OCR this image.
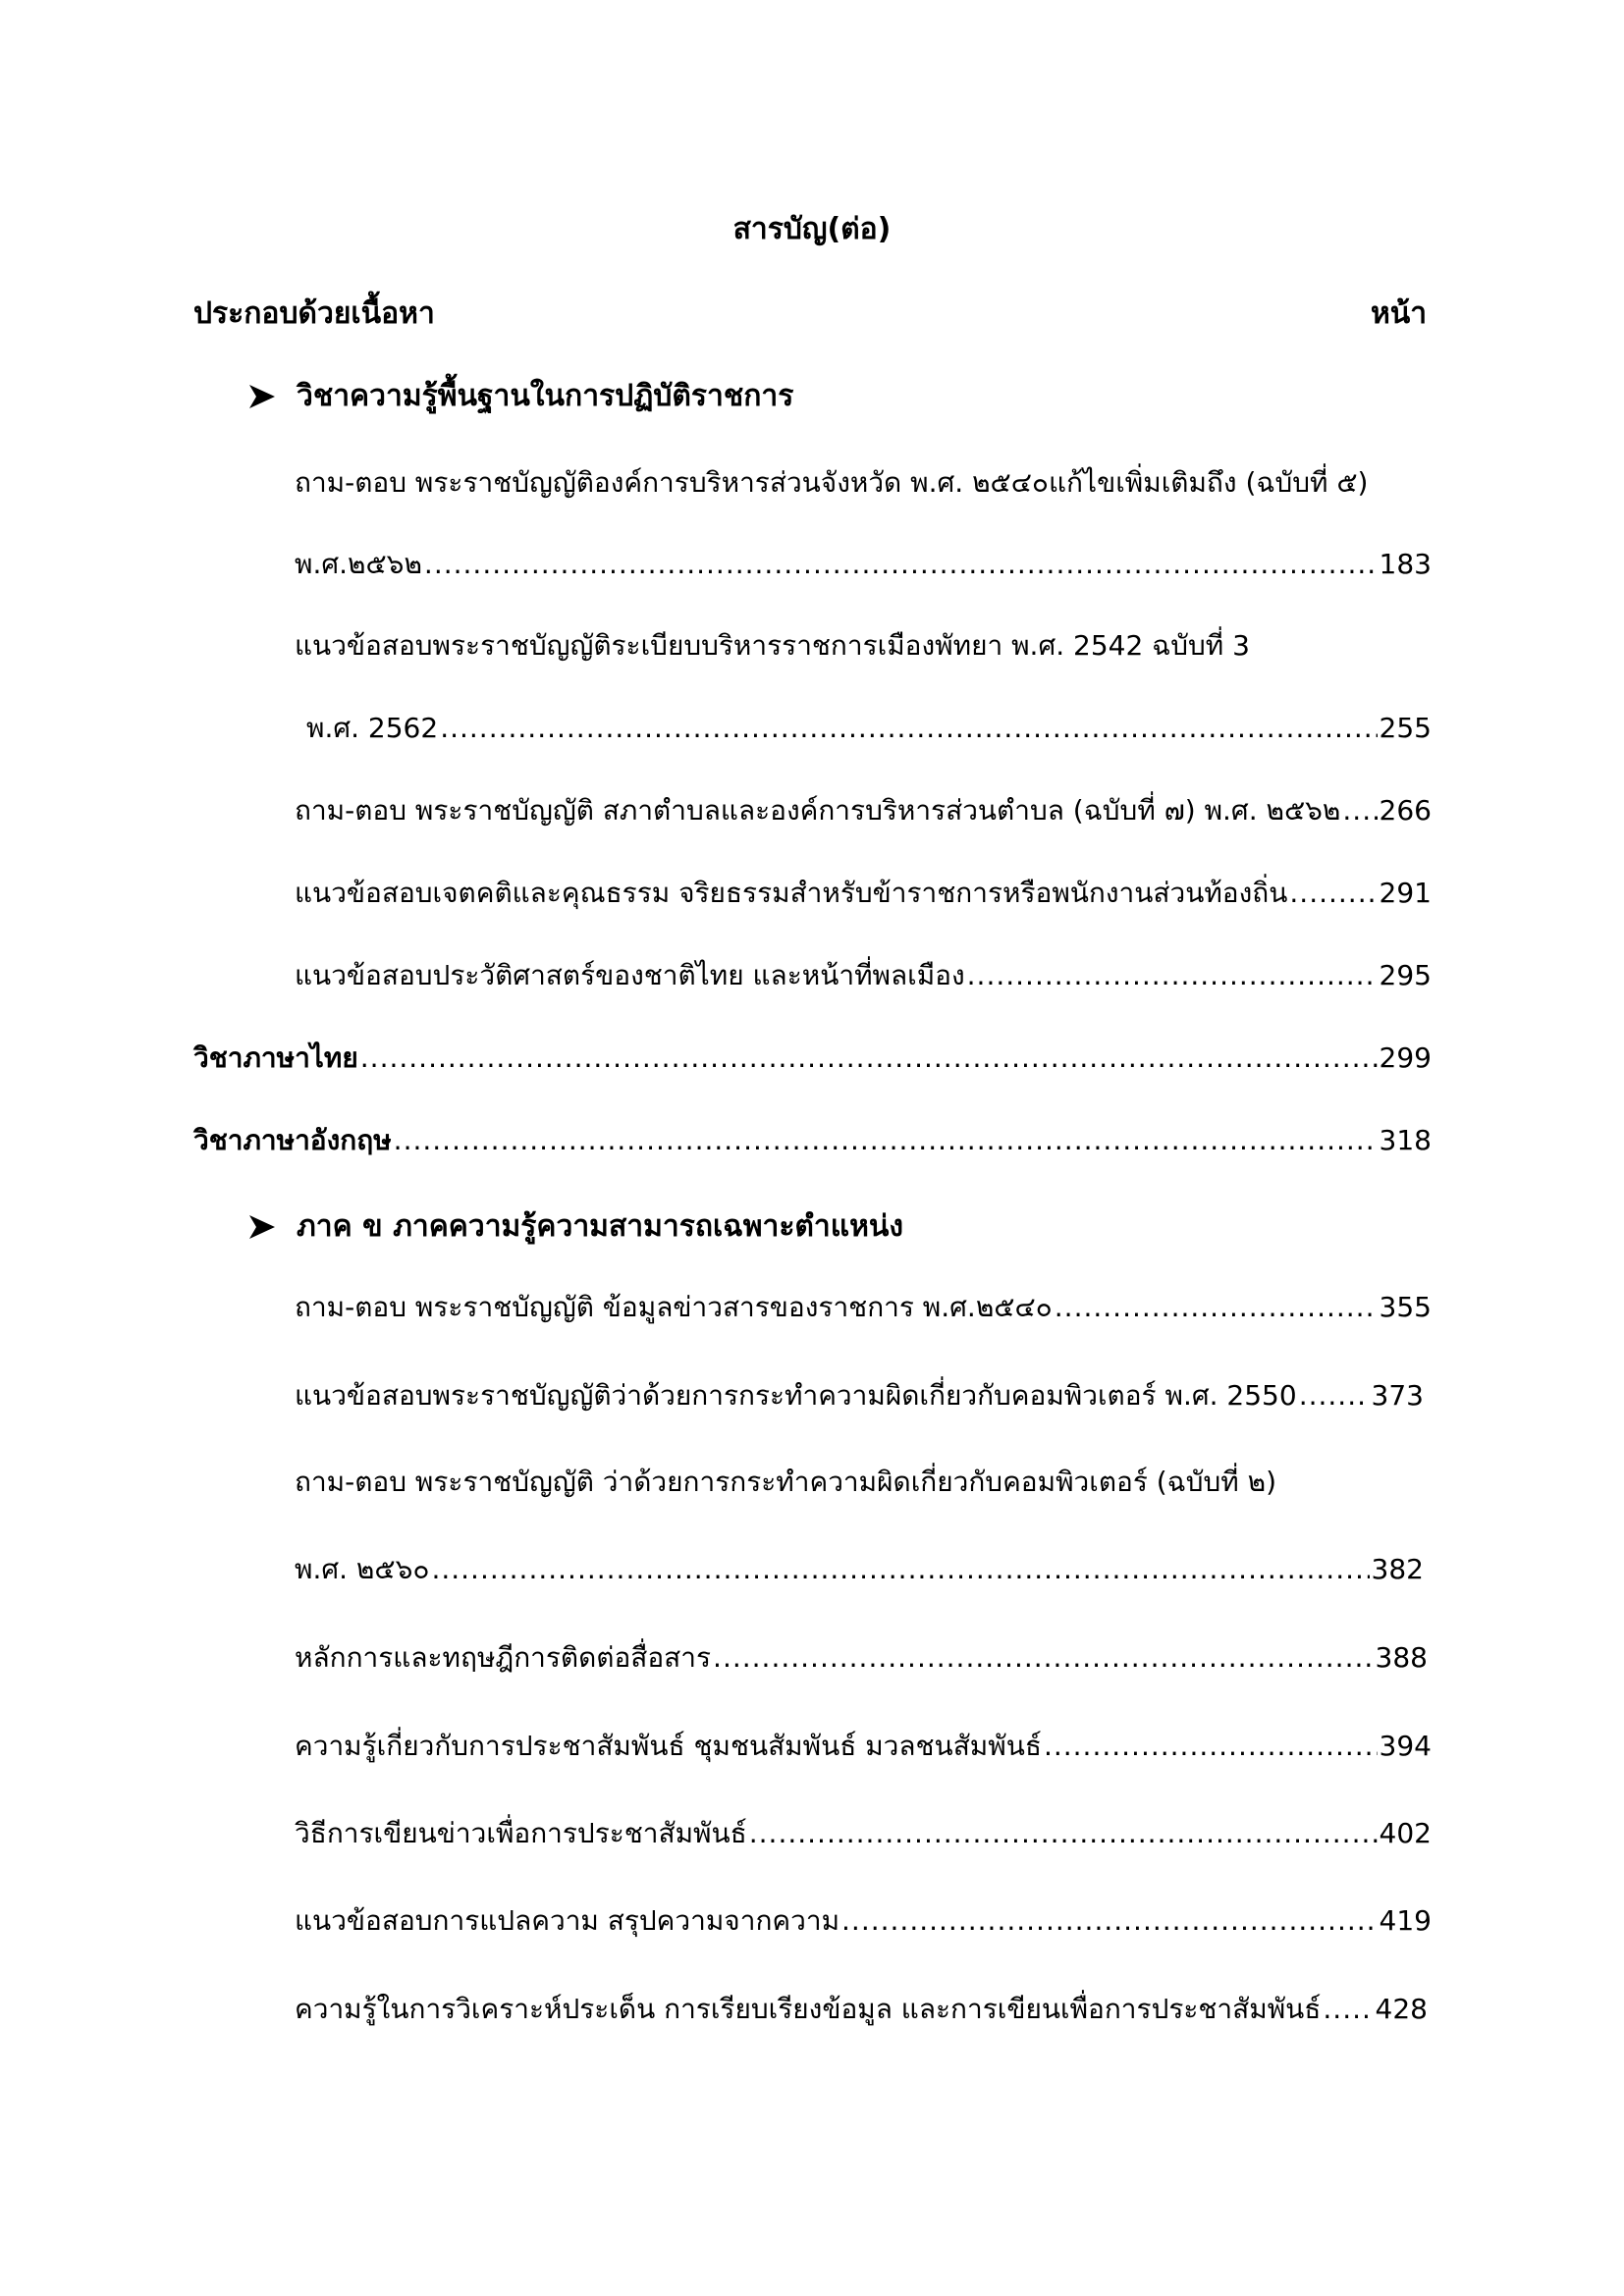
สารบัญ(ต่อ)
ประกอบด้วยเนื้อหา	หน้า
วิชาความรู้พื้นฐานในการปฏิบัติราชการ
ถาม-ตอบ พระราชบัญญัติองค์การบริหารส่วนจังหวัด พ.ศ. ๒๕๔๐แก้ไขเพิ่มเติมถึง (ฉบับที่ ๕)
พ.ศ.๒๕๖๒ .....	183
แนวข้อสอบพระราชบัญญัติระเบียบบริหารราชการเมืองพัทยา พ.ศ. 2542 ฉบับที่ 3
พ.ศ. 2562 .....	255
ถาม-ตอบ พระราชบัญญัติ สภาตำบลและองค์การบริหารส่วนตำบล (ฉบับที่ ๗) พ.ศ. ๒๕๖๒ ..... 266
แนวข้อสอบเจตคติและคุณธรรม จริยธรรมสำหรับข้าราชการหรือพนักงานส่วนท้องถิ่น .....	291
แนวข้อสอบประวัติศาสตร์ของชาติไทย และหน้าที่พลเมือง .....	295
วิชาภาษาไทย .....	299
วิชาภาษาอังกฤษ .....	318
ภาค ข ภาคความรู้ความสามารถเฉพาะตำแหน่ง
ถาม-ตอบ พระราชบัญญัติ ข้อมูลข่าวสารของราชการ พ.ศ.๒๕๔๐ .....	355
แนวข้อสอบพระราชบัญญัติว่าด้วยการกระทำความผิดเกี่ยวกับคอมพิวเตอร์ พ.ศ. 2550 .....	373
ถาม-ตอบ พระราชบัญญัติ ว่าด้วยการกระทำความผิดเกี่ยวกับคอมพิวเตอร์ (ฉบับที่ ๒)
พ.ศ. ๒๕๖๐ .....	382
หลักการและทฤษฎีการติดต่อสื่อสาร .....	388
ความรู้เกี่ยวกับการประชาสัมพันธ์ ชุมชนสัมพันธ์ มวลชนสัมพันธ์ .....	394
วิธีการเขียนข่าวเพื่อการประชาสัมพันธ์ .....	402
แนวข้อสอบการแปลความ สรุปความจากความ .....	419
ความรู้ในการวิเคราะห์ประเด็น การเรียบเรียงข้อมูล และการเขียนเพื่อการประชาสัมพันธ์ ..... 428
